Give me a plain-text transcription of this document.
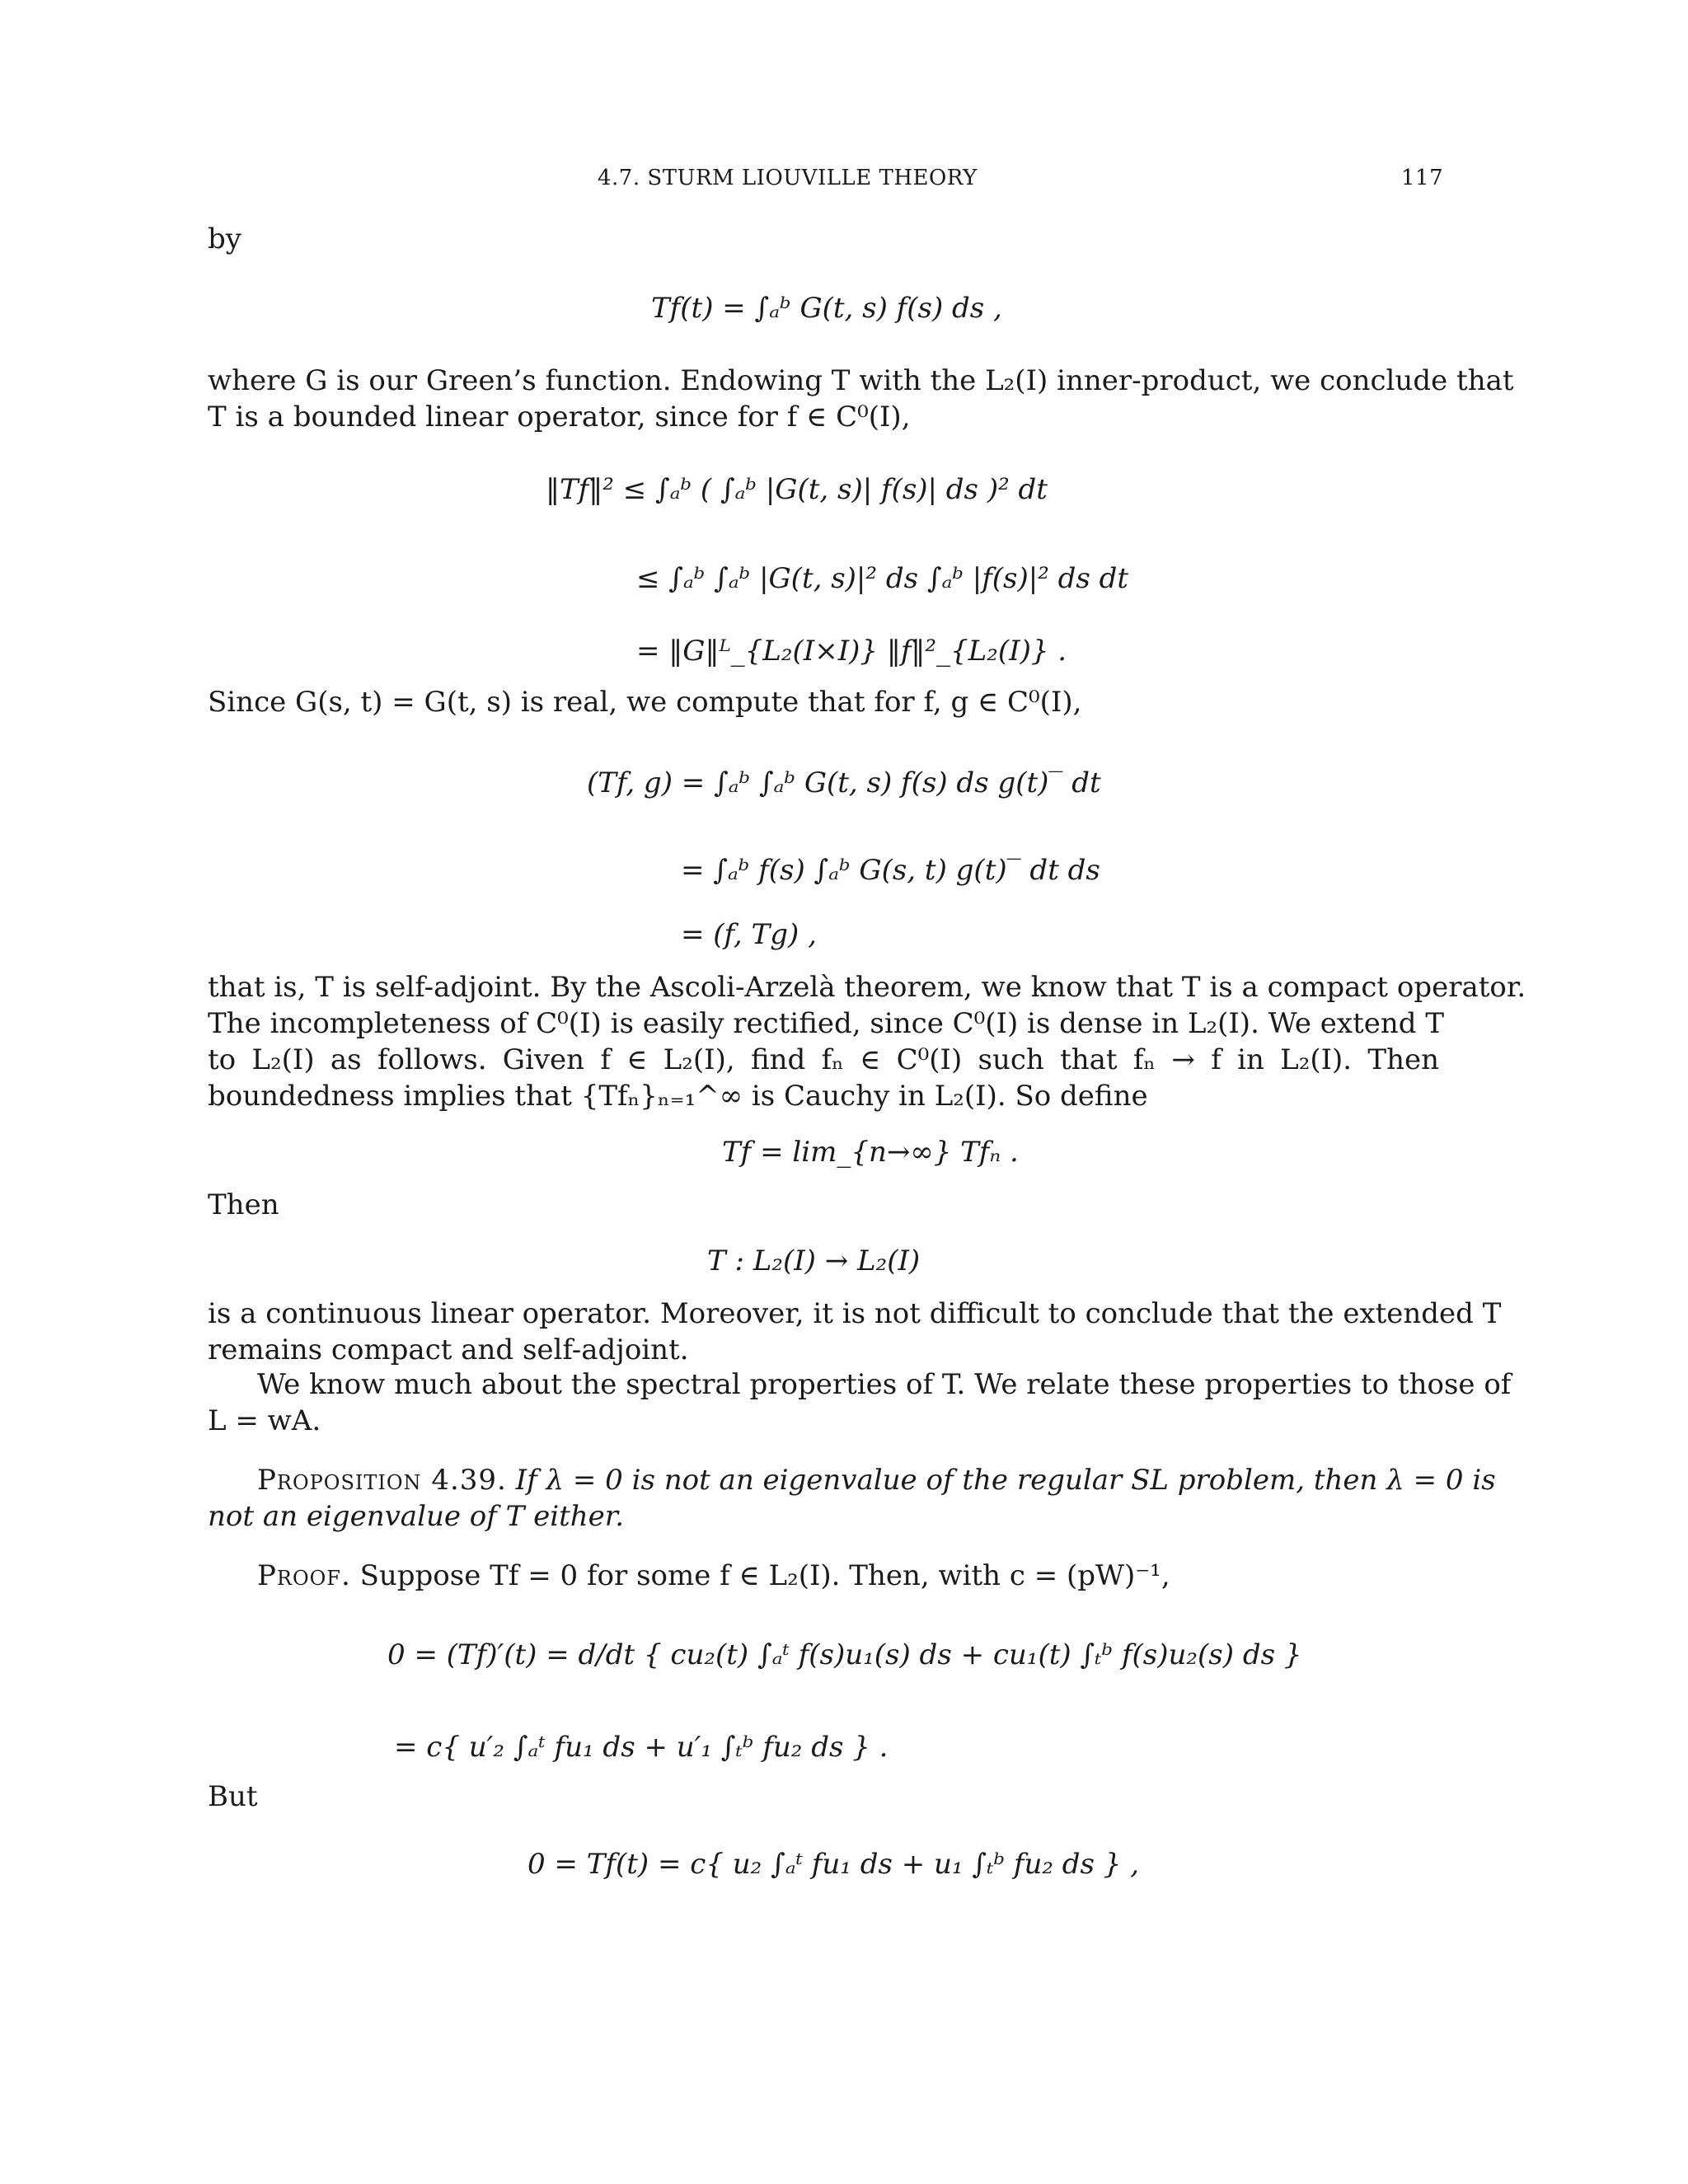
4.7. STURM LIOUVILLE THEORY	117
by
Tf(t) = ∫ₐᵇ G(t, s) f(s) ds ,
where G is our Green’s function. Endowing T with the L₂(I) inner-product, we conclude that
T is a bounded linear operator, since for f ∈ C⁰(I),
‖Tf‖² ≤ ∫ₐᵇ ( ∫ₐᵇ |G(t, s)| f(s)| ds )² dt
≤ ∫ₐᵇ ∫ₐᵇ |G(t, s)|² ds ∫ₐᵇ |f(s)|² ds dt
= ‖G‖ᴸ_{L₂(I×I)} ‖f‖²_{L₂(I)} .
Since G(s, t) = G(t, s) is real, we compute that for f, g ∈ C⁰(I),
(Tf, g) = ∫ₐᵇ ∫ₐᵇ G(t, s) f(s) ds g(t)‾ dt
= ∫ₐᵇ f(s) ∫ₐᵇ G(s, t) g(t)‾ dt ds
= (f, Tg) ,
that is, T is self-adjoint. By the Ascoli-Arzelà theorem, we know that T is a compact operator.
The incompleteness of C⁰(I) is easily rectified, since C⁰(I) is dense in L₂(I). We extend T
to L₂(I) as follows. Given f ∈ L₂(I), find fₙ ∈ C⁰(I) such that fₙ → f in L₂(I). Then
boundedness implies that {Tfₙ}ₙ₌₁^∞ is Cauchy in L₂(I). So define
Tf = lim_{n→∞} Tfₙ .
Then
T : L₂(I) → L₂(I)
is a continuous linear operator. Moreover, it is not difficult to conclude that the extended T
remains compact and self-adjoint.
We know much about the spectral properties of T. We relate these properties to those of
L = wA.
Proposition 4.39. If λ = 0 is not an eigenvalue of the regular SL problem, then λ = 0 is
not an eigenvalue of T either.
Proof. Suppose Tf = 0 for some f ∈ L₂(I). Then, with c = (pW)⁻¹,
0 = (Tf)′(t) = d/dt { cu₂(t) ∫ₐᵗ f(s)u₁(s) ds + cu₁(t) ∫ₜᵇ f(s)u₂(s) ds }
= c{ u′₂ ∫ₐᵗ fu₁ ds + u′₁ ∫ₜᵇ fu₂ ds } .
But
0 = Tf(t) = c{ u₂ ∫ₐᵗ fu₁ ds + u₁ ∫ₜᵇ fu₂ ds } ,
